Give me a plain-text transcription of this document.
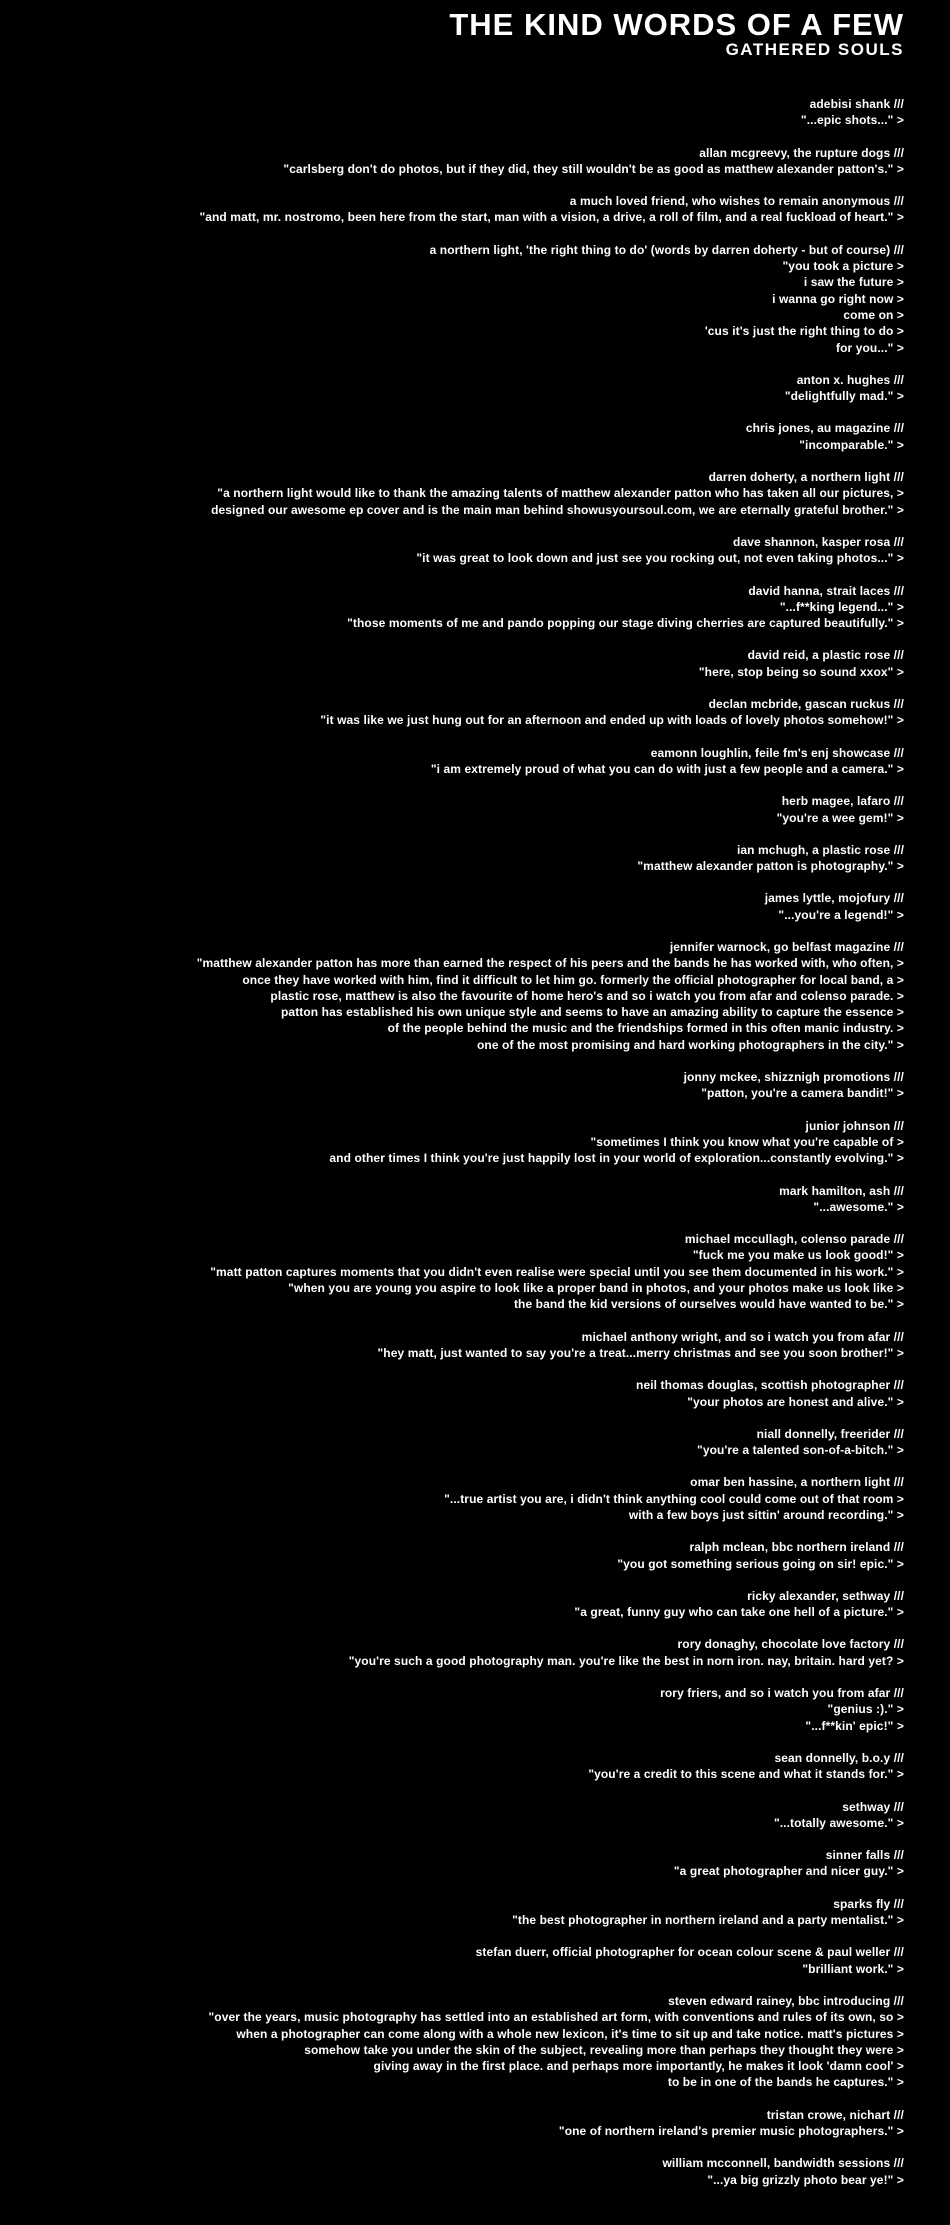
THE KIND WORDS OF A FEW
GATHERED SOULS
adebisi shank ///
"...epic shots..." >
allan mcgreevy, the rupture dogs ///
"carlsberg don't do photos, but if they did, they still wouldn't be as good as matthew alexander patton's." >
a much loved friend, who wishes to remain anonymous ///
"and matt, mr. nostromo, been here from the start, man with a vision, a drive, a roll of film, and a real fuckload of heart." >
a northern light, 'the right thing to do' (words by darren doherty - but of course) ///
"you took a picture >
i saw the future >
i wanna go right now >
come on >
'cus it's just the right thing to do >
for you..." >
anton x. hughes ///
"delightfully mad." >
chris jones, au magazine ///
"incomparable." >
darren doherty, a northern light ///
"a northern light would like to thank the amazing talents of matthew alexander patton who has taken all our pictures, >
designed our awesome ep cover and is the main man behind showusyoursoul.com, we are eternally grateful brother." >
dave shannon, kasper rosa ///
"it was great to look down and just see you rocking out, not even taking photos..." >
david hanna, strait laces ///
"...f**king legend..." >
"those moments of me and pando popping our stage diving cherries are captured beautifully." >
david reid, a plastic rose ///
"here, stop being so sound xxox" >
declan mcbride, gascan ruckus ///
"it was like we just hung out for an afternoon and ended up with loads of lovely photos somehow!" >
eamonn loughlin, feile fm's enj showcase ///
"i am extremely proud of what you can do with just a few people and a camera." >
herb magee, lafaro ///
"you're a wee gem!" >
ian mchugh, a plastic rose ///
"matthew alexander patton is photography." >
james lyttle, mojofury ///
"...you're a legend!" >
jennifer warnock, go belfast magazine ///
"matthew alexander patton has more than earned the respect of his peers and the bands he has worked with, who often, >
once they have worked with him, find it difficult to let him go. formerly the official photographer for local band, a >
plastic rose, matthew is also the favourite of home hero's and so i watch you from afar and colenso parade. >
patton has established his own unique style and seems to have an amazing ability to capture the essence >
of the people behind the music and the friendships formed in this often manic industry. >
one of the most promising and hard working photographers in the city." >
jonny mckee, shizznigh promotions ///
"patton, you're a camera bandit!" >
junior johnson ///
"sometimes I think you know what you're capable of >
and other times I think you're just happily lost in your world of exploration...constantly evolving." >
mark hamilton, ash ///
"...awesome." >
michael mccullagh, colenso parade ///
"fuck me you make us look good!" >
"matt patton captures moments that you didn't even realise were special until you see them documented in his work." >
"when you are young you aspire to look like a proper band in photos, and your photos make us look like >
the band the kid versions of ourselves would have wanted to be." >
michael anthony wright, and so i watch you from afar ///
"hey matt, just wanted to say you're a treat...merry christmas and see you soon brother!" >
neil thomas douglas, scottish photographer ///
"your photos are honest and alive." >
niall donnelly, freerider ///
"you're a talented son-of-a-bitch." >
omar ben hassine, a northern light ///
"...true artist you are, i didn't think anything cool could come out of that room >
with a few boys just sittin' around recording." >
ralph mclean, bbc northern ireland ///
"you got something serious going on sir! epic." >
ricky alexander, sethway ///
"a great, funny guy who can take one hell of a picture." >
rory donaghy, chocolate love factory ///
"you're such a good photography man. you're like the best in norn iron. nay, britain. hard yet? >
rory friers, and so i watch you from afar ///
"genius :)." >
"...f**kin' epic!" >
sean donnelly, b.o.y ///
"you're a credit to this scene and what it stands for." >
sethway ///
"...totally awesome." >
sinner falls ///
"a great photographer and nicer guy." >
sparks fly ///
"the best photographer in northern ireland and a party mentalist." >
stefan duerr, official photographer for ocean colour scene & paul weller ///
"brilliant work." >
steven edward rainey, bbc introducing ///
"over the years, music photography has settled into an established art form, with conventions and rules of its own, so >
when a photographer can come along with a whole new lexicon, it's time to sit up and take notice. matt's pictures >
somehow take you under the skin of the subject, revealing more than perhaps they thought they were >
giving away in the first place. and perhaps more importantly, he makes it look 'damn cool' >
to be in one of the bands he captures." >
tristan crowe, nichart ///
"one of northern ireland's premier music photographers." >
william mcconnell, bandwidth sessions ///
"...ya big grizzly photo bear ye!" >
